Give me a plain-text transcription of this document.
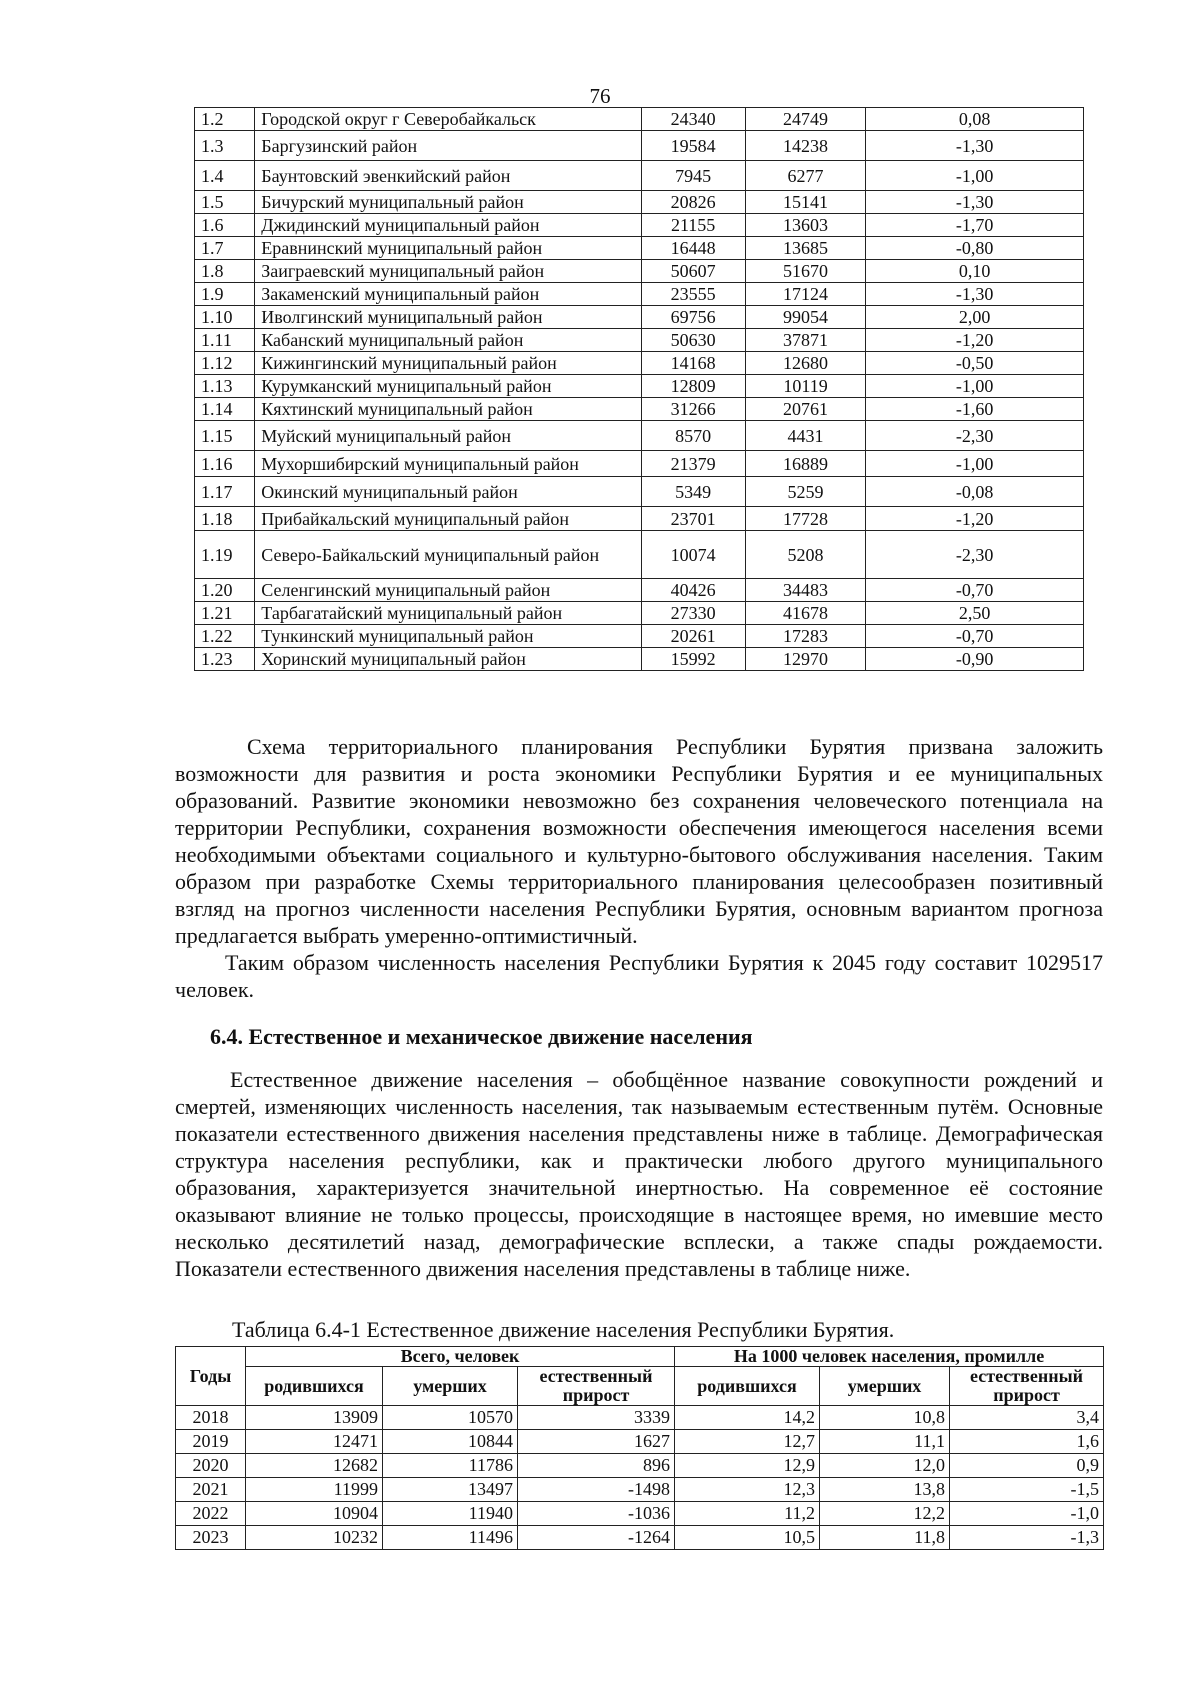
76
1.2	Городской округ г Северобайкальск	24340	24749	0,08
1.3	Баргузинский район	19584	14238	-1,30
1.4	Баунтовский эвенкийский район	7945	6277	-1,00
1.5	Бичурский муниципальный район	20826	15141	-1,30
1.6	Джидинский муниципальный район	21155	13603	-1,70
1.7	Еравнинский муниципальный район	16448	13685	-0,80
1.8	Заиграевский муниципальный район	50607	51670	0,10
1.9	Закаменский муниципальный район	23555	17124	-1,30
1.10	Иволгинский муниципальный район	69756	99054	2,00
1.11	Кабанский муниципальный район	50630	37871	-1,20
1.12	Кижингинский муниципальный район	14168	12680	-0,50
1.13	Курумканский муниципальный район	12809	10119	-1,00
1.14	Кяхтинский муниципальный район	31266	20761	-1,60
1.15	Муйский муниципальный район	8570	4431	-2,30
1.16	Мухоршибирский муниципальный район	21379	16889	-1,00
1.17	Окинский муниципальный район	5349	5259	-0,08
1.18	Прибайкальский муниципальный район	23701	17728	-1,20
1.19	Северо-Байкальский муниципальный район	10074	5208	-2,30
1.20	Селенгинский муниципальный район	40426	34483	-0,70
1.21	Тарбагатайский муниципальный район	27330	41678	2,50
1.22	Тункинский муниципальный район	20261	17283	-0,70
1.23	Хоринский муниципальный район	15992	12970	-0,90

Схема территориального планирования Республики Бурятия призвана заложить возможности для развития и роста экономики Республики Бурятия и ее муниципальных образований. Развитие экономики невозможно без сохранения человеческого потенциала на территории Республики, сохранения возможности обеспечения имеющегося населения всеми необходимыми объектами социального и культурно-бытового обслуживания населения. Таким образом при разработке Схемы территориального планирования целесообразен позитивный взгляд на прогноз численности населения Республики Бурятия, основным вариантом прогноза предлагается выбрать умеренно-оптимистичный.

Таким образом численность населения Республики Бурятия к 2045 году составит 1029517 человек.

6.4. Естественное и механическое движение населения

Естественное движение населения – обобщённое название совокупности рождений и смертей, изменяющих численность населения, так называемым естественным путём. Основные показатели естественного движения населения представлены ниже в таблице. Демографическая структура населения республики, как и практически любого другого муниципального образования, характеризуется значительной инертностью. На современное её состояние оказывают влияние не только процессы, происходящие в настоящее время, но имевшие место несколько десятилетий назад, демографические всплески, а также спады рождаемости. Показатели естественного движения населения представлены в таблице ниже.

Таблица 6.4-1 Естественное движение населения Республики Бурятия.

Годы	Всего, человек			На 1000 человек населения, промилле		
	родившихся	умерших	естественный прирост	родившихся	умерших	естественный прирост
2018	13909	10570	3339	14,2	10,8	3,4
2019	12471	10844	1627	12,7	11,1	1,6
2020	12682	11786	896	12,9	12,0	0,9
2021	11999	13497	-1498	12,3	13,8	-1,5
2022	10904	11940	-1036	11,2	12,2	-1,0
2023	10232	11496	-1264	10,5	11,8	-1,3
